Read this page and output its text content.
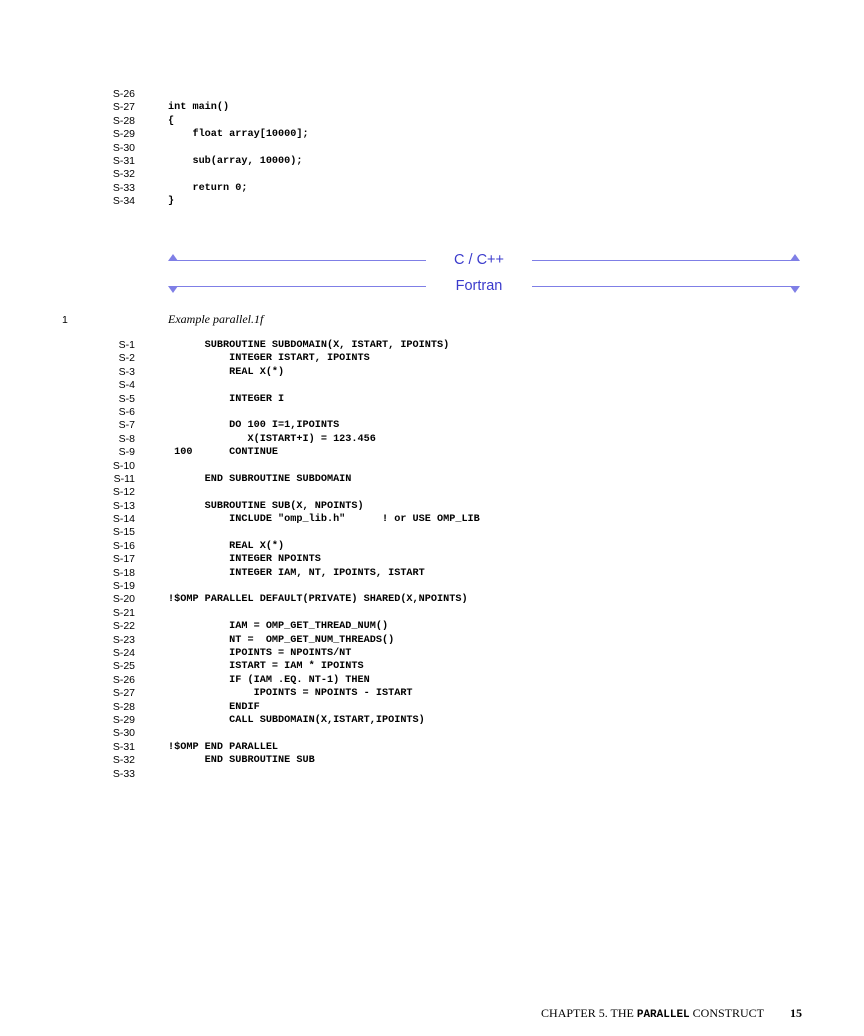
S-26
S-27	int main()
S-28	{
S-29	float array[10000];
S-30
S-31	sub(array, 10000);
S-32
S-33	return 0;
S-34	}
C / C++
Fortran
1	Example parallel.1f
S-1	SUBROUTINE SUBDOMAIN(X, ISTART, IPOINTS)
S-2	INTEGER ISTART, IPOINTS
S-3	REAL X(*)
S-4
S-5	INTEGER I
S-6
S-7	DO 100 I=1,IPOINTS
S-8	X(ISTART+I) = 123.456
S-9	100      CONTINUE
S-10
S-11	END SUBROUTINE SUBDOMAIN
S-12
S-13	SUBROUTINE SUB(X, NPOINTS)
S-14	INCLUDE "omp_lib.h"      ! or USE OMP_LIB
S-15
S-16	REAL X(*)
S-17	INTEGER NPOINTS
S-18	INTEGER IAM, NT, IPOINTS, ISTART
S-19
S-20	!$OMP PARALLEL DEFAULT(PRIVATE) SHARED(X,NPOINTS)
S-21
S-22	IAM = OMP_GET_THREAD_NUM()
S-23	NT =  OMP_GET_NUM_THREADS()
S-24	IPOINTS = NPOINTS/NT
S-25	ISTART = IAM * IPOINTS
S-26	IF (IAM .EQ. NT-1) THEN
S-27	IPOINTS = NPOINTS - ISTART
S-28	ENDIF
S-29	CALL SUBDOMAIN(X,ISTART,IPOINTS)
S-30
S-31	!$OMP END PARALLEL
S-32	END SUBROUTINE SUB
S-33
CHAPTER 5. THE PARALLEL CONSTRUCT 15
